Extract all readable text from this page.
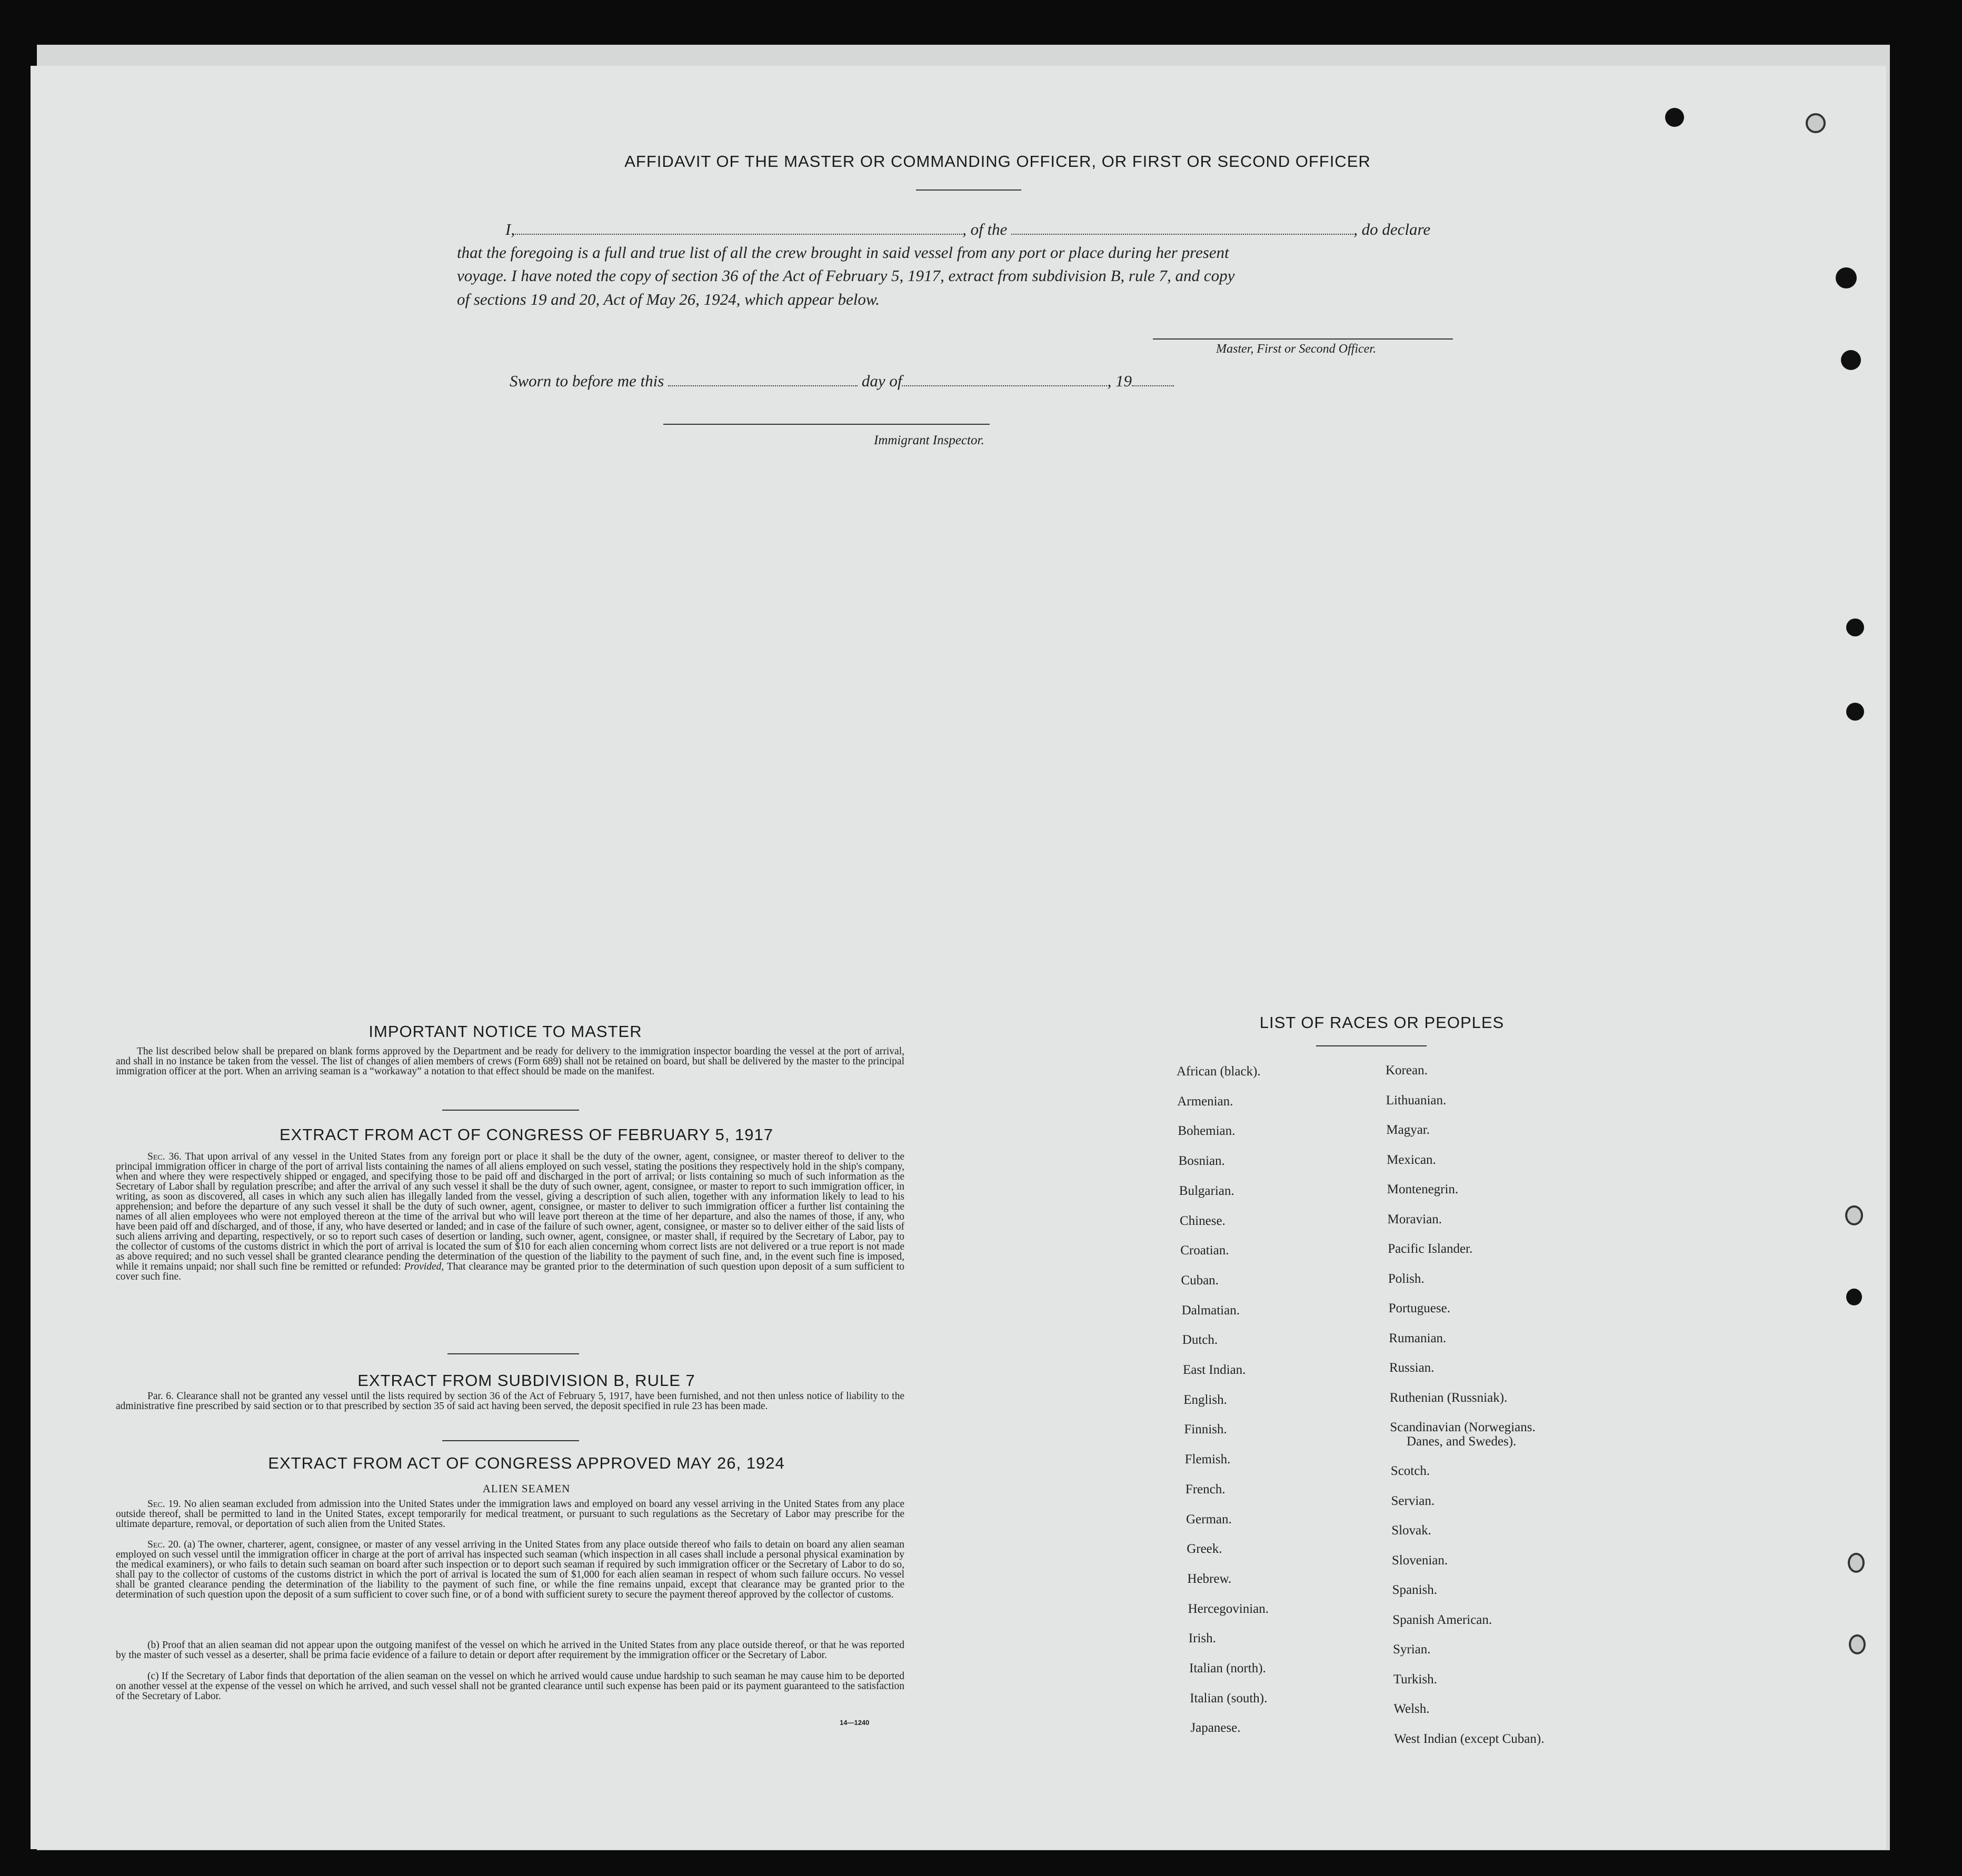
AFFIDAVIT OF THE MASTER OR COMMANDING OFFICER, OR FIRST OR SECOND OFFICER
I,	, of the	, do declare
that the foregoing is a full and true list of all the crew brought in said vessel from any port or place during her present
voyage. I have noted the copy of section 36 of the Act of February 5, 1917, extract from subdivision B, rule 7, and copy
of sections 19 and 20, Act of May 26, 1924, which appear below.
Master, First or Second Officer.
Sworn to before me this	day of	, 19
Immigrant Inspector.
IMPORTANT NOTICE TO MASTER
The list described below shall be prepared on blank forms approved by the Department and be ready for delivery to the immigration inspector boarding the vessel at the port of arrival, and shall in no instance be taken from the vessel. The list of changes of alien members of crews (Form 689) shall not be retained on board, but shall be delivered by the master to the principal immigration officer at the port. When an arriving seaman is a “workaway” a notation to that effect should be made on the manifest.
EXTRACT FROM ACT OF CONGRESS OF FEBRUARY 5, 1917
Sec. 36. That upon arrival of any vessel in the United States from any foreign port or place it shall be the duty of the owner, agent, consignee, or master thereof to deliver to the principal immigration officer in charge of the port of arrival lists containing the names of all aliens employed on such vessel, stating the positions they respectively hold in the ship's company, when and where they were respectively shipped or engaged, and specifying those to be paid off and discharged in the port of arrival; or lists containing so much of such information as the Secretary of Labor shall by regulation prescribe; and after the arrival of any such vessel it shall be the duty of such owner, agent, consignee, or master to report to such immigration officer, in writing, as soon as discovered, all cases in which any such alien has illegally landed from the vessel, giving a description of such alien, together with any information likely to lead to his apprehension; and before the departure of any such vessel it shall be the duty of such owner, agent, consignee, or master to deliver to such immigration officer a further list containing the names of all alien employees who were not employed thereon at the time of the arrival but who will leave port thereon at the time of her departure, and also the names of those, if any, who have been paid off and discharged, and of those, if any, who have deserted or landed; and in case of the failure of such owner, agent, consignee, or master so to deliver either of the said lists of such aliens arriving and departing, respectively, or so to report such cases of desertion or landing, such owner, agent, consignee, or master shall, if required by the Secretary of Labor, pay to the collector of customs of the customs district in which the port of arrival is located the sum of $10 for each alien concerning whom correct lists are not delivered or a true report is not made as above required; and no such vessel shall be granted clearance pending the determination of the question of the liability to the payment of such fine, and, in the event such fine is imposed, while it remains unpaid; nor shall such fine be remitted or refunded: Provided, That clearance may be granted prior to the determination of such question upon deposit of a sum sufficient to cover such fine.
EXTRACT FROM SUBDIVISION B, RULE 7
Par. 6. Clearance shall not be granted any vessel until the lists required by section 36 of the Act of February 5, 1917, have been furnished, and not then unless notice of liability to the administrative fine prescribed by said section or to that prescribed by section 35 of said act having been served, the deposit specified in rule 23 has been made.
EXTRACT FROM ACT OF CONGRESS APPROVED MAY 26, 1924
ALIEN SEAMEN
Sec. 19. No alien seaman excluded from admission into the United States under the immigration laws and employed on board any vessel arriving in the United States from any place outside thereof, shall be permitted to land in the United States, except temporarily for medical treatment, or pursuant to such regulations as the Secretary of Labor may prescribe for the ultimate departure, removal, or deportation of such alien from the United States.
Sec. 20. (a) The owner, charterer, agent, consignee, or master of any vessel arriving in the United States from any place outside thereof who fails to detain on board any alien seaman employed on such vessel until the immigration officer in charge at the port of arrival has inspected such seaman (which inspection in all cases shall include a personal physical examination by the medical examiners), or who fails to detain such seaman on board after such inspection or to deport such seaman if required by such immigration officer or the Secretary of Labor to do so, shall pay to the collector of customs of the customs district in which the port of arrival is located the sum of $1,000 for each alien seaman in respect of whom such failure occurs. No vessel shall be granted clearance pending the determination of the liability to the payment of such fine, or while the fine remains unpaid, except that clearance may be granted prior to the determination of such question upon the deposit of a sum sufficient to cover such fine, or of a bond with sufficient surety to secure the payment thereof approved by the collector of customs.
(b) Proof that an alien seaman did not appear upon the outgoing manifest of the vessel on which he arrived in the United States from any place outside thereof, or that he was reported by the master of such vessel as a deserter, shall be prima facie evidence of a failure to detain or deport after requirement by the immigration officer or the Secretary of Labor.
(c) If the Secretary of Labor finds that deportation of the alien seaman on the vessel on which he arrived would cause undue hardship to such seaman he may cause him to be deported on another vessel at the expense of the vessel on which he arrived, and such vessel shall not be granted clearance until such expense has been paid or its payment guaranteed to the satisfaction of the Secretary of Labor.
14—1240
LIST OF RACES OR PEOPLES
African (black).
Armenian.
Bohemian.
Bosnian.
Bulgarian.
Chinese.
Croatian.
Cuban.
Dalmatian.
Dutch.
East Indian.
English.
Finnish.
Flemish.
French.
German.
Greek.
Hebrew.
Hercegovinian.
Irish.
Italian (north).
Italian (south).
Japanese.
Korean.
Lithuanian.
Magyar.
Mexican.
Montenegrin.
Moravian.
Pacific Islander.
Polish.
Portuguese.
Rumanian.
Russian.
Ruthenian (Russniak).
Scandinavian (Norwegians.
Danes, and Swedes).
Scotch.
Servian.
Slovak.
Slovenian.
Spanish.
Spanish American.
Syrian.
Turkish.
Welsh.
West Indian (except Cuban).
